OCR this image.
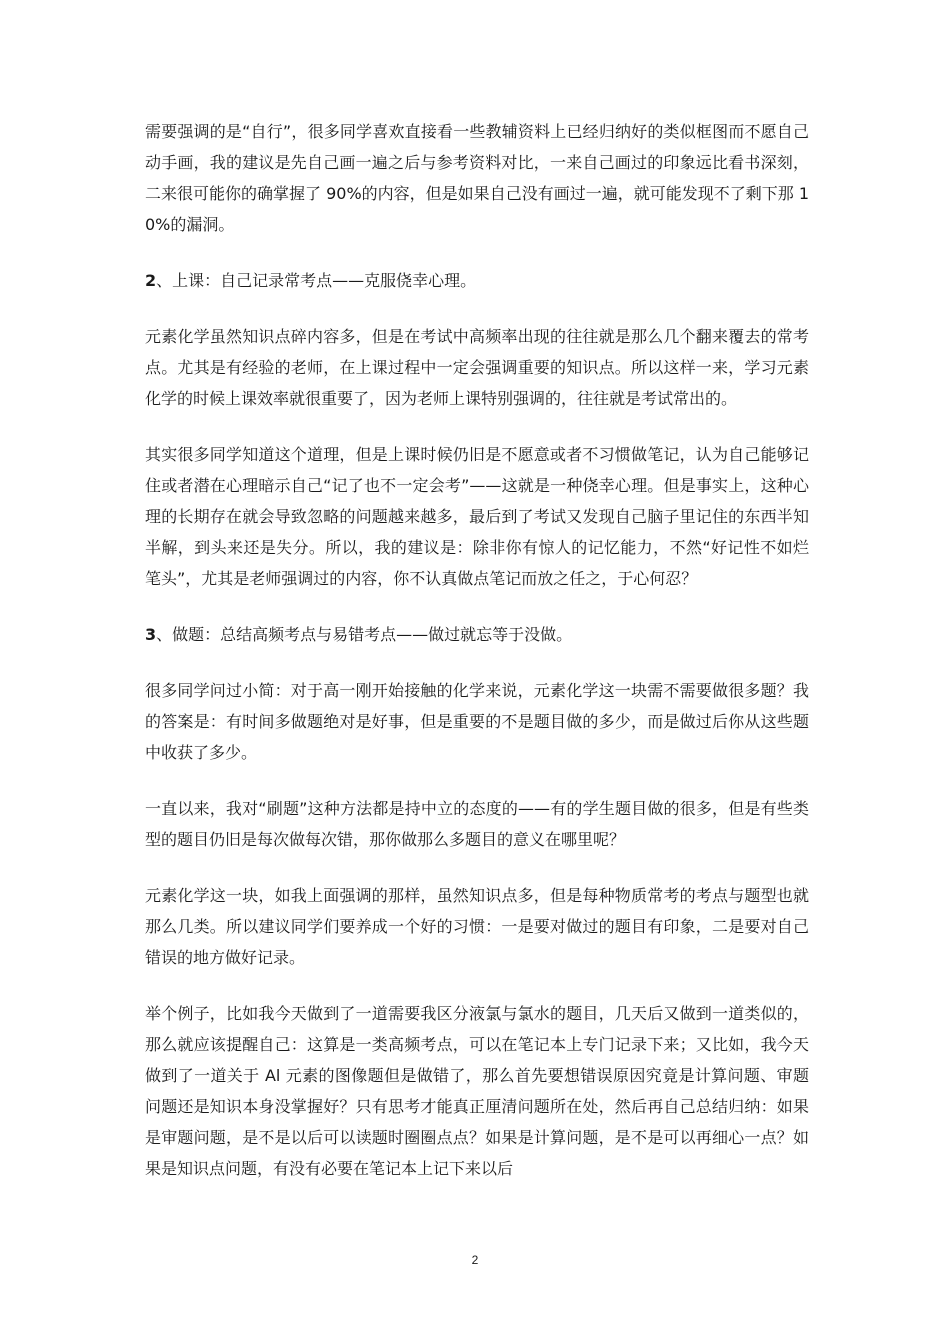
需要强调的是“自行”，很多同学喜欢直接看一些教辅资料上已经归纳好的类似框图而不愿自己动手画，我的建议是先自己画一遍之后与参考资料对比，一来自己画过的印象远比看书深刻，二来很可能你的确掌握了 90%的内容，但是如果自己没有画过一遍，就可能发现不了剩下那 10%的漏洞。

2、上课：自己记录常考点——克服侥幸心理。

元素化学虽然知识点碎内容多，但是在考试中高频率出现的往往就是那么几个翻来覆去的常考点。尤其是有经验的老师，在上课过程中一定会强调重要的知识点。所以这样一来，学习元素化学的时候上课效率就很重要了，因为老师上课特别强调的，往往就是考试常出的。

其实很多同学知道这个道理，但是上课时候仍旧是不愿意或者不习惯做笔记，认为自己能够记住或者潜在心理暗示自己“记了也不一定会考”——这就是一种侥幸心理。但是事实上，这种心理的长期存在就会导致忽略的问题越来越多，最后到了考试又发现自己脑子里记住的东西半知半解，到头来还是失分。所以，我的建议是：除非你有惊人的记忆能力，不然“好记性不如烂笔头”，尤其是老师强调过的内容，你不认真做点笔记而放之任之，于心何忍？

3、做题：总结高频考点与易错考点——做过就忘等于没做。

很多同学问过小简：对于高一刚开始接触的化学来说，元素化学这一块需不需要做很多题？我的答案是：有时间多做题绝对是好事，但是重要的不是题目做的多少，而是做过后你从这些题中收获了多少。

一直以来，我对“刷题”这种方法都是持中立的态度的——有的学生题目做的很多，但是有些类型的题目仍旧是每次做每次错，那你做那么多题目的意义在哪里呢？

元素化学这一块，如我上面强调的那样，虽然知识点多，但是每种物质常考的考点与题型也就那么几类。所以建议同学们要养成一个好的习惯：一是要对做过的题目有印象，二是要对自己错误的地方做好记录。

举个例子，比如我今天做到了一道需要我区分液氯与氯水的题目，几天后又做到一道类似的，那么就应该提醒自己：这算是一类高频考点，可以在笔记本上专门记录下来；又比如，我今天做到了一道关于 Al 元素的图像题但是做错了，那么首先要想错误原因究竟是计算问题、审题问题还是知识本身没掌握好？只有思考才能真正厘清问题所在处，然后再自己总结归纳：如果是审题问题，是不是以后可以读题时圈圈点点？如果是计算问题，是不是可以再细心一点？如果是知识点问题，有没有必要在笔记本上记下来以后

2
